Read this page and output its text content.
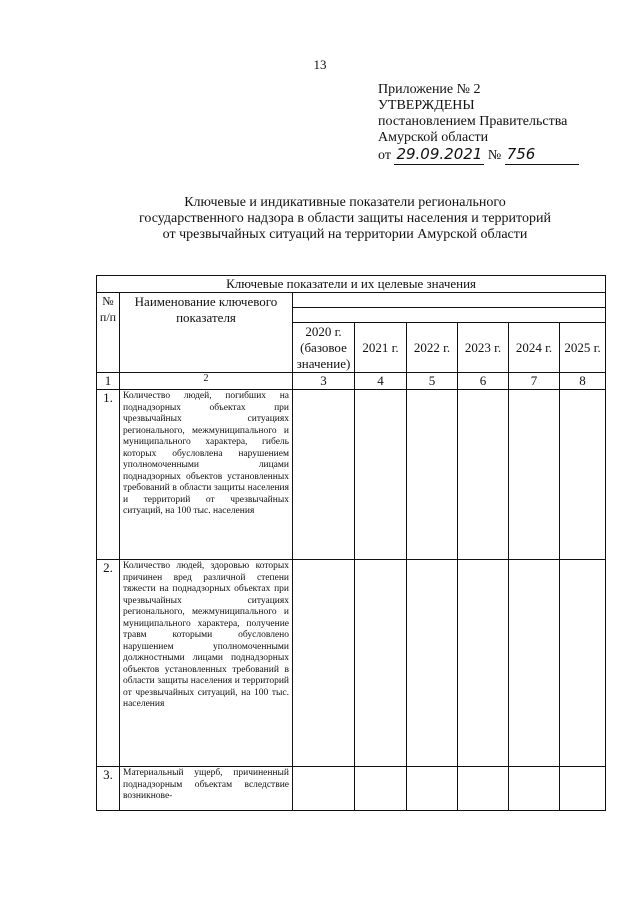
13
Приложение № 2
УТВЕРЖДЕНЫ
постановлением Правительства
Амурской области
от 29.09.2021 № 756
Ключевые и индикативные показатели регионального
государственного надзора в области защиты населения и территорий
от чрезвычайных ситуаций на территории Амурской области
Ключевые показатели и их целевые значения							
№ п/п	Наименование ключевого показателя						

		2020 г. (базовое значение)	2021 г.	2022 г.	2023 г.	2024 г.	2025 г.

1	2	3	4	5	6	7	8
1.	Количество людей, погибших на поднадзорных объектах при чрезвычайных ситуациях регионального, межмуниципального и муниципального характера, гибель которых обусловлена нарушением уполномоченными лицами поднадзорных объектов установленных требований в области защиты населения и территорий от чрезвычайных ситуаций, на 100 тыс. населения						
2.	Количество людей, здоровью которых причинен вред различной степени тяжести на поднадзорных объектах при чрезвычайных ситуациях регионального, межмуниципального и муниципального характера, получение травм которыми обусловлено нарушением уполномоченными должностными лицами поднадзорных объектов установленных требований в области защиты населения и территорий от чрезвычайных ситуаций, на 100 тыс. населения						
3.	Материальный ущерб, причиненный поднадзорным объектам вследствие возникнове-						
